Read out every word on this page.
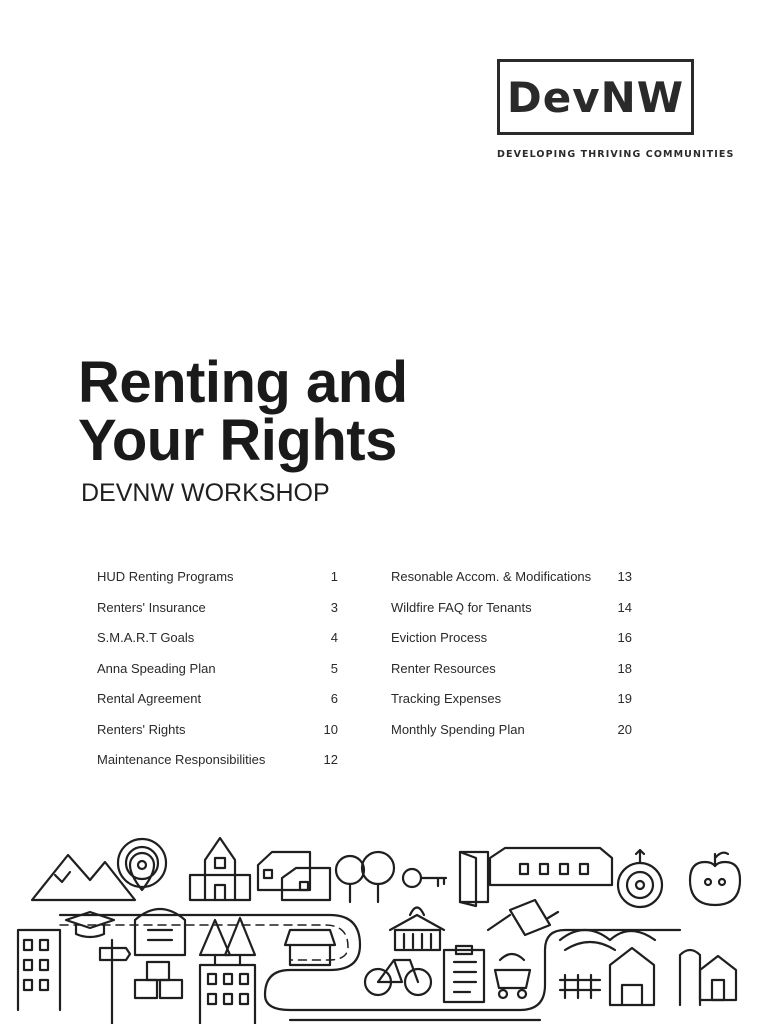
DevNW
DEVELOPING THRIVING COMMUNITIES
Renting and
Your Rights
DEVNW WORKSHOP
HUD Renting Programs	1
Renters' Insurance	3
S.M.A.R.T Goals	4
Anna Speading Plan	5
Rental Agreement	6
Renters' Rights	10
Maintenance Responsibilities	12
Resonable Accom. & Modifications 13
Wildfire FAQ for Tenants	14
Eviction Process	16
Renter Resources	18
Tracking Expenses	19
Monthly Spending Plan	20
